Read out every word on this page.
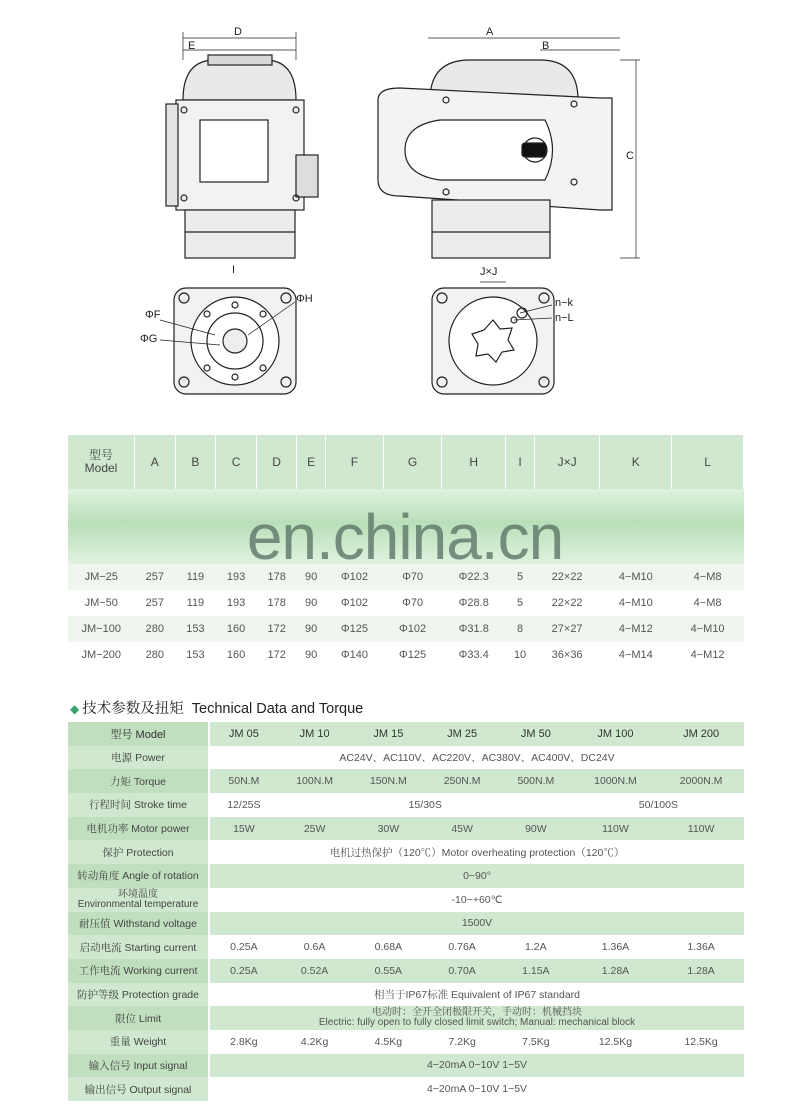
D
E
A
B
C
I
ΦF
ΦG
ΦH
J×J
n−k
n−L
型号
Model	A	B	C	D	E	F	G	H	I	J×J	K	L

JM−25	257	119	193	178	90	Φ102	Φ70	Φ22.3	5	22×22	4−M10	4−M8
JM−50	257	119	193	178	90	Φ102	Φ70	Φ28.8	5	22×22	4−M10	4−M8
JM−100	280	153	160	172	90	Φ125	Φ102	Φ31.8	8	27×27	4−M12	4−M10
JM−200	280	153	160	172	90	Φ140	Φ125	Φ33.4	10	36×36	4−M14	4−M12
en.china.cn
◆ 技术参数及扭矩 Technical Data and Torque
型号 Model	JM 05	JM 10	JM 15	JM 25	JM 50	JM 100	JM 200
电源 Power	AC24V、AC110V、AC220V、AC380V、AC400V、DC24V						
力矩 Torque	50N.M	100N.M	150N.M	250N.M	500N.M	1000N.M	2000N.M
行程时间 Stroke time	12/25S	15/30S				50/100S	
电机功率 Motor power	15W	25W	30W	45W	90W	110W	110W
保护 Protection	电机过热保护（120℃）Motor overheating protection（120℃）						
转动角度 Angle of rotation	0~90°						

环境温度
Environmental temperature	-10~+60℃						
耐压值 Withstand voltage	1500V						
启动电流 Starting current	0.25A	0.6A	0.68A	0.76A	1.2A	1.36A	1.36A
工作电流 Working current	0.25A	0.52A	0.55A	0.70A	1.15A	1.28A	1.28A
防护等级 Protection grade	相当于IP67标准 Equivalent of IP67 standard						
限位 Limit	电动时：全开全闭极限开关，手动时：机械挡块
Electric: fully open to fully closed limit switch; Manual: mechanical block						

重量 Weight	2.8Kg	4.2Kg	4.5Kg	7.2Kg	7.5Kg	12.5Kg	12.5Kg
输入信号 Input signal	4−20mA 0−10V 1−5V						
输出信号 Output signal	4−20mA 0−10V 1−5V						
